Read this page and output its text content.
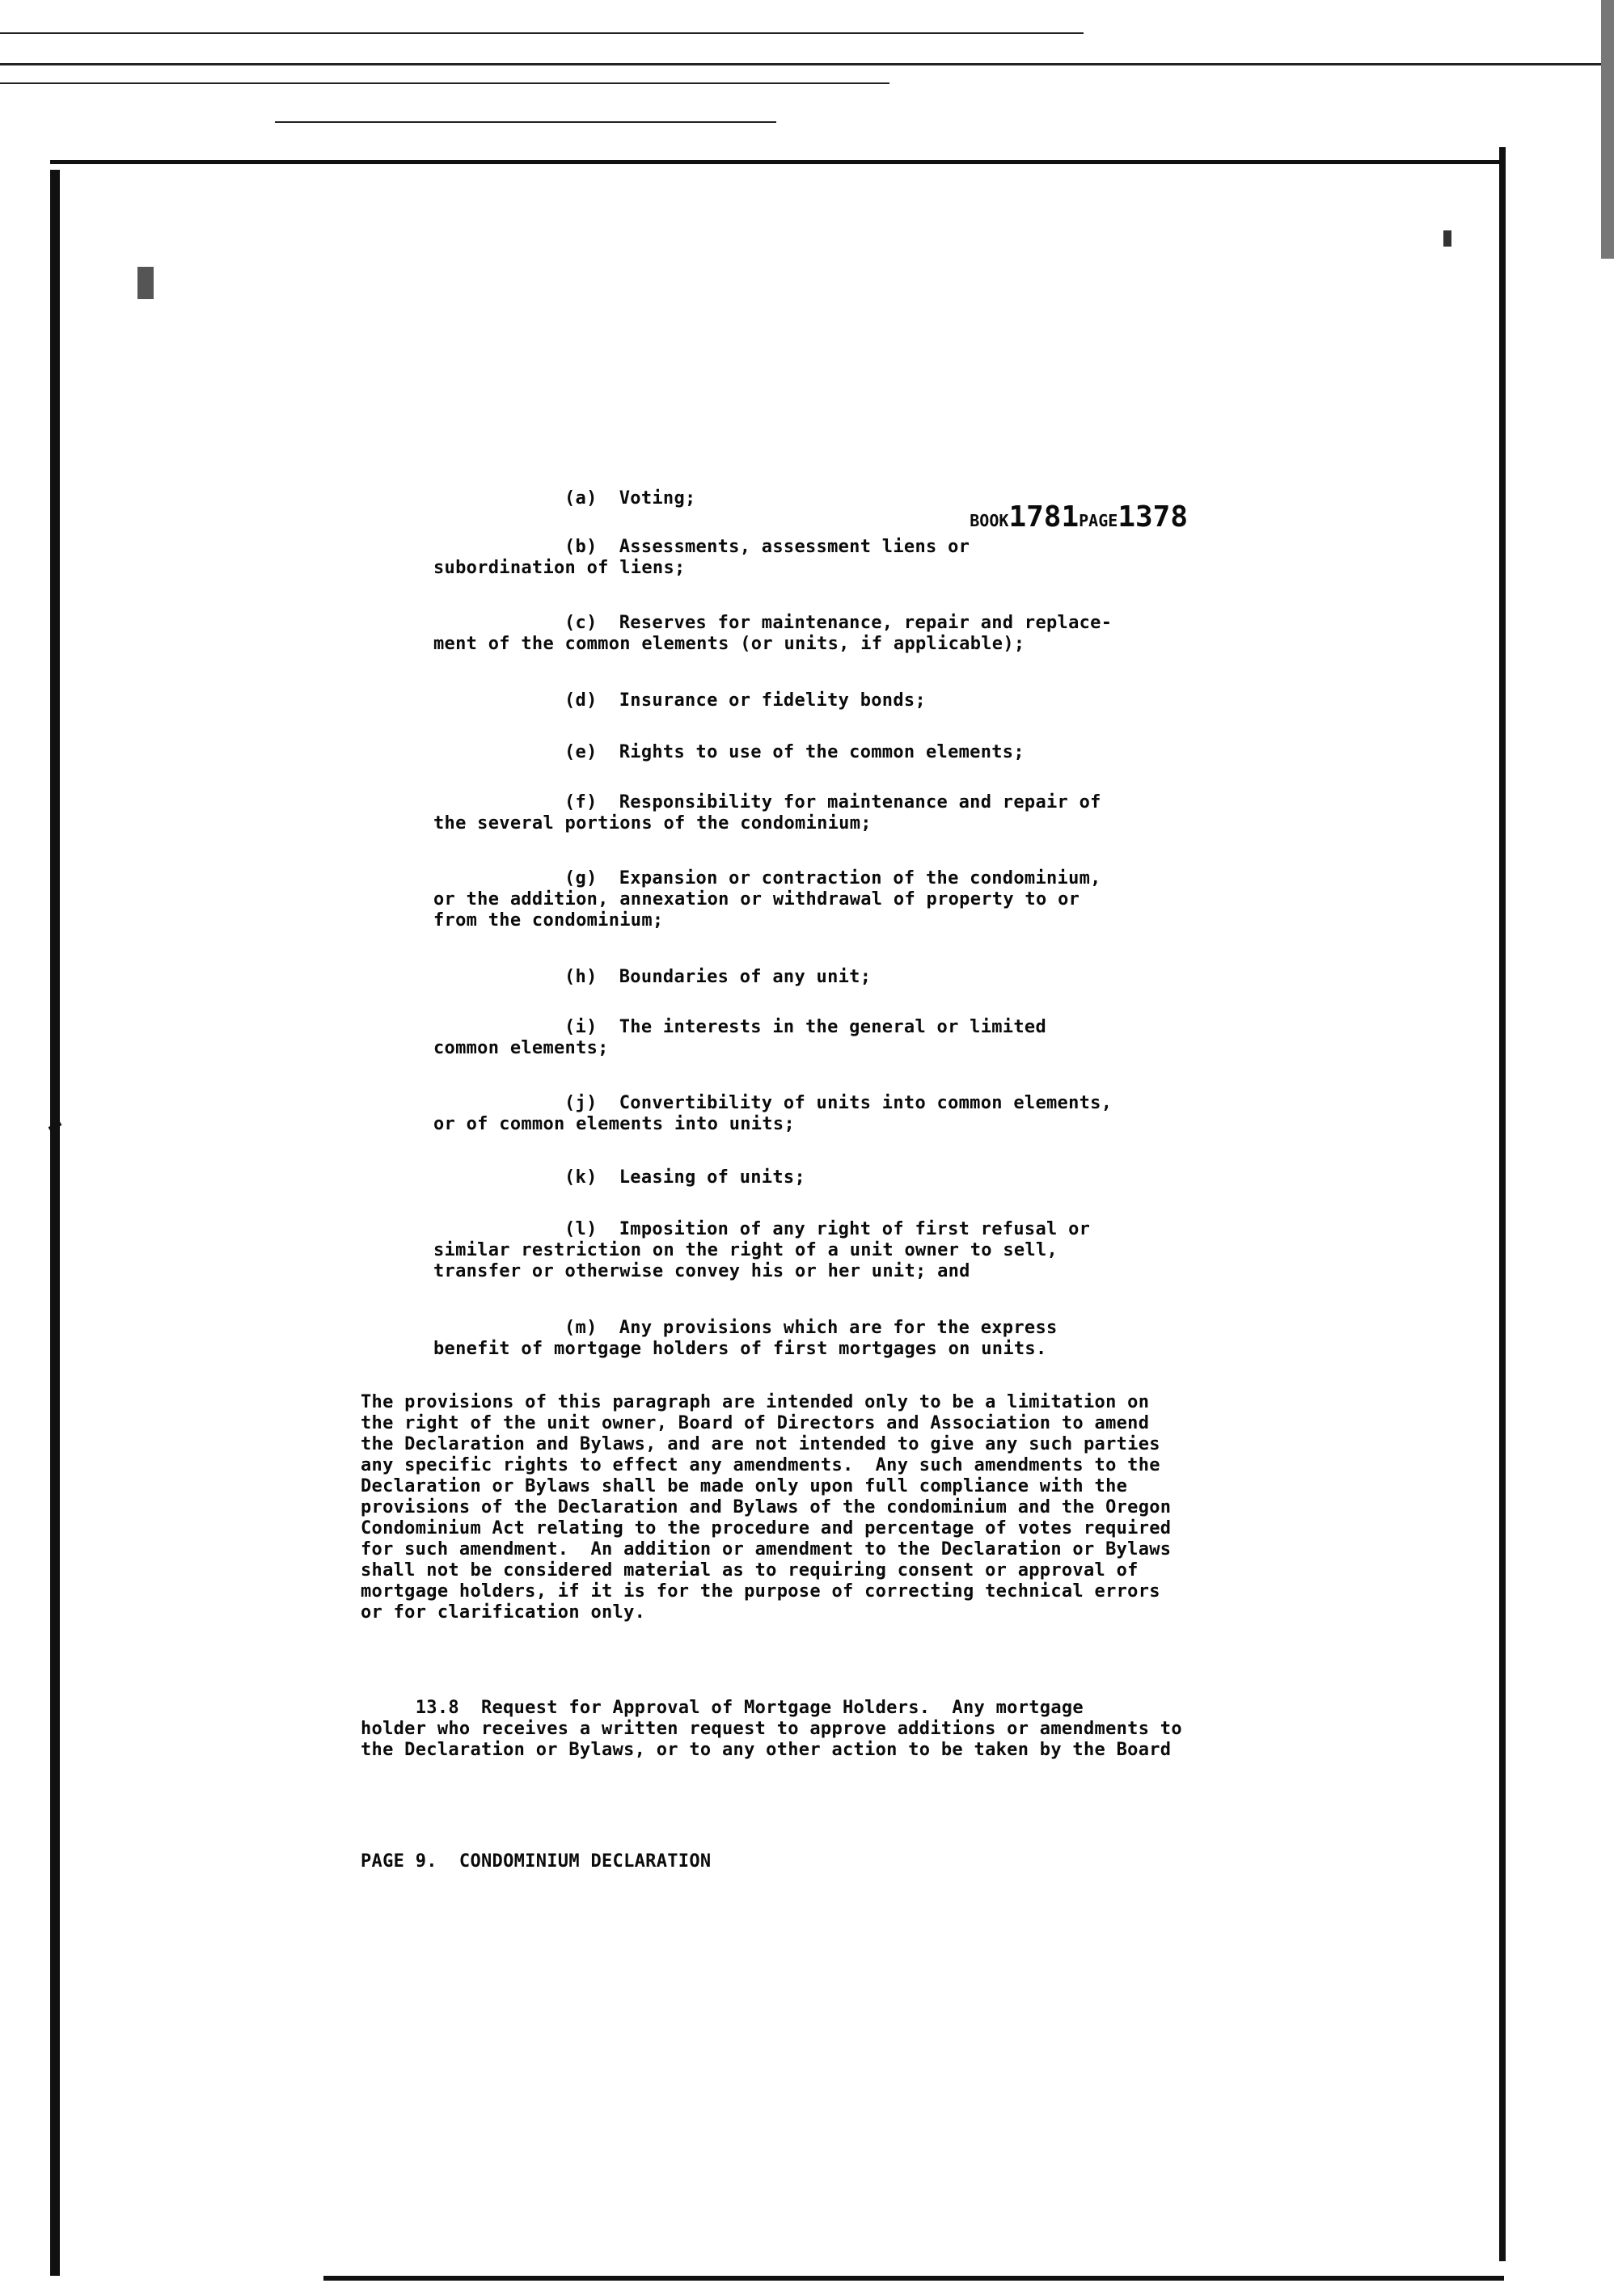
BOOK1781PAGE1378

(a)  Voting;
(b)  Assessments, assessment liens or
subordination of liens;
(c)  Reserves for maintenance, repair and replace-
ment of the common elements (or units, if applicable);
(d)  Insurance or fidelity bonds;
(e)  Rights to use of the common elements;
(f)  Responsibility for maintenance and repair of
the several portions of the condominium;
(g)  Expansion or contraction of the condominium,
or the addition, annexation or withdrawal of property to or
from the condominium;
(h)  Boundaries of any unit;
(i)  The interests in the general or limited
common elements;
(j)  Convertibility of units into common elements,
or of common elements into units;
(k)  Leasing of units;
(l)  Imposition of any right of first refusal or
similar restriction on the right of a unit owner to sell,
transfer or otherwise convey his or her unit; and
(m)  Any provisions which are for the express
benefit of mortgage holders of first mortgages on units.
The provisions of this paragraph are intended only to be a limitation on
the right of the unit owner, Board of Directors and Association to amend
the Declaration and Bylaws, and are not intended to give any such parties
any specific rights to effect any amendments.  Any such amendments to the
Declaration or Bylaws shall be made only upon full compliance with the
provisions of the Declaration and Bylaws of the condominium and the Oregon
Condominium Act relating to the procedure and percentage of votes required
for such amendment.  An addition or amendment to the Declaration or Bylaws
shall not be considered material as to requiring consent or approval of
mortgage holders, if it is for the purpose of correcting technical errors
or for clarification only.
13.8  Request for Approval of Mortgage Holders.  Any mortgage
holder who receives a written request to approve additions or amendments to
the Declaration or Bylaws, or to any other action to be taken by the Board
PAGE 9.  CONDOMINIUM DECLARATION
